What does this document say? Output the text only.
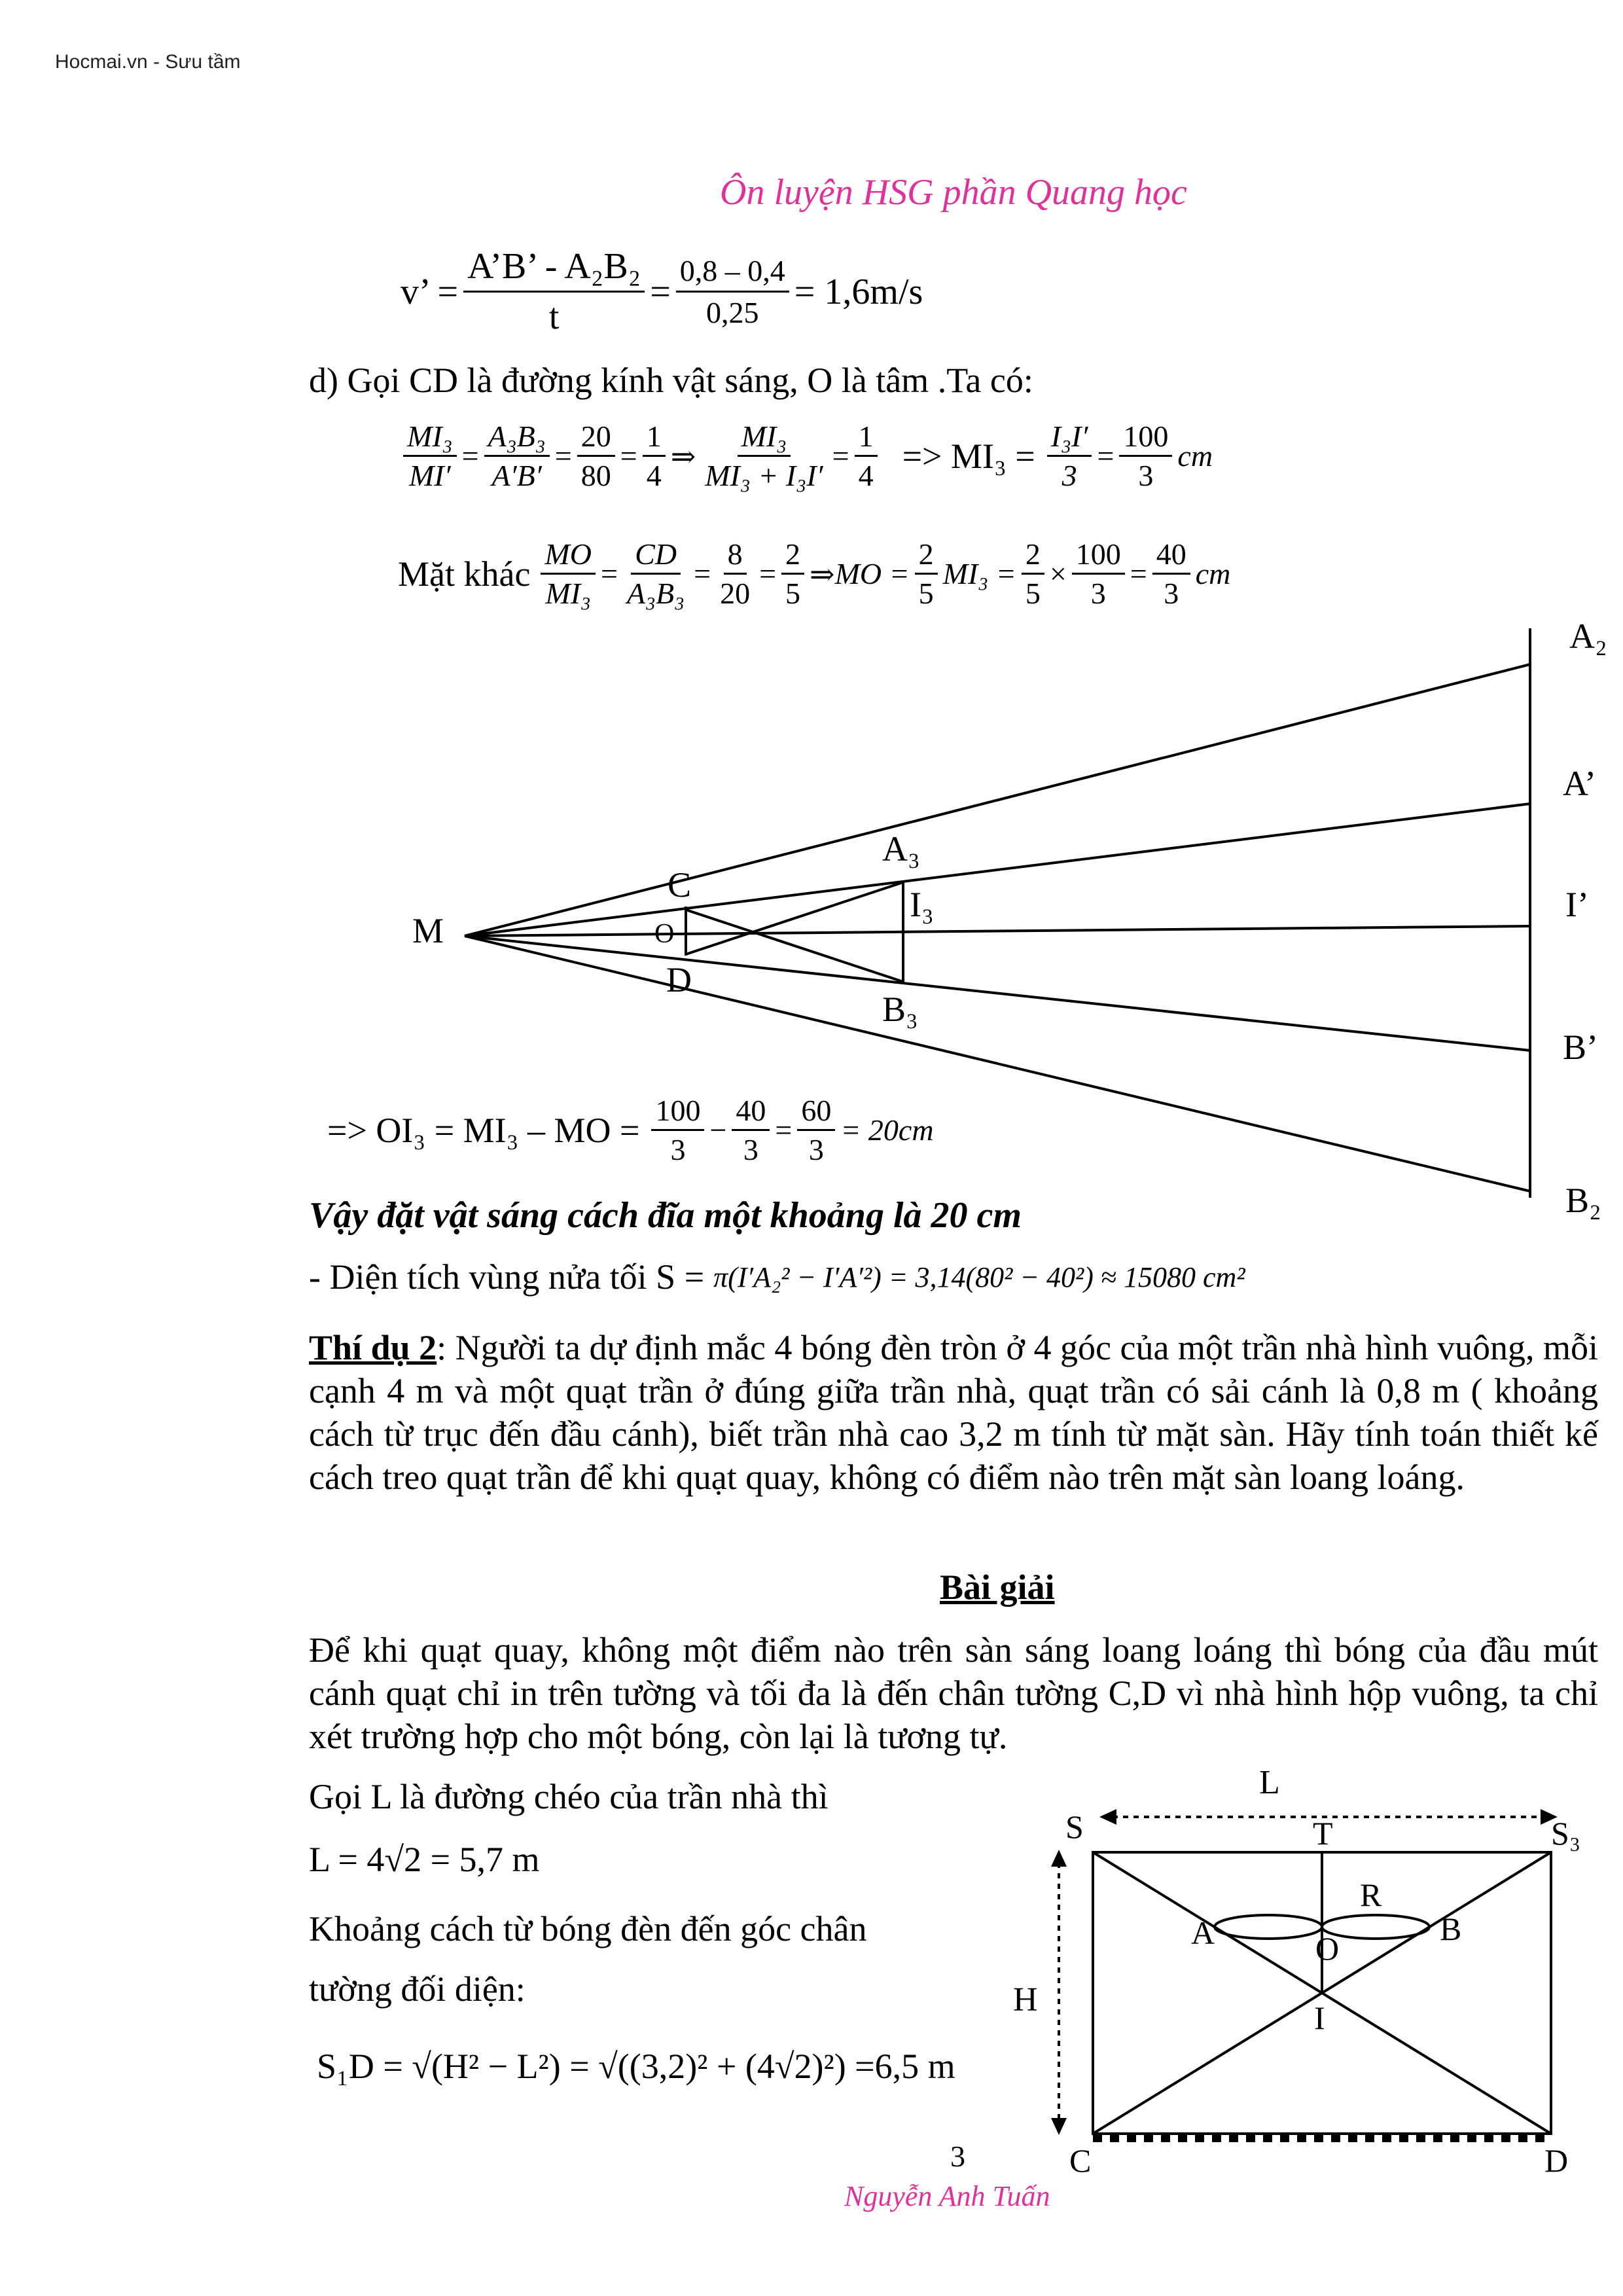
Hocmai.vn - Sưu tầm
Ôn luyện HSG phần Quang học
v’ = $\frac{\text{A’B’ - A₂B₂}}{t} = \frac{0,8 - 0,4}{0,25} = 1,6m/s$
d) Gọi CD là đường kính vật sáng, O là tâm .Ta có:
$\frac{\text{MI₃}}{MI'} = \frac{\text{A₃B₃}}{A'B'} = \frac{20}{80} = \frac{1}{4}$ ⇒ $\frac{\text{MI₃}}{\text{MI₃ + I₃I′}} = \frac{1}{4} => MI_3 = \frac{\text{I₃I′}}{3} = \frac{100}{3}$ cm
Mặt khác $\frac{MO}{\text{MI₃}} = \frac{CD}{\text{A₃B₃}} = \frac{8}{20} = \frac{2}{5}$ ⇒ MO = $\frac{2}{5} MI_3 = \frac{2}{5} \times \frac{100}{3} = \frac{40}{3}$ cm
A₂
A’
I’
B’
B₂
M
C
O
D
A₃
I₃
B₃
=> OI₃ = MI₃ – MO = $\frac{100}{3} - \frac{40}{3} = \frac{60}{3} = 20cm$
Vậy đặt vật sáng cách đĩa một khoảng là 20 cm
- Diện tích vùng nửa tối S = π(I′A₂² − I′A′²) = 3,14(80² − 40²) ≈ 15080 cm²
Thí dụ 2: Người ta dự định mắc 4 bóng đèn tròn ở 4 góc của một trần nhà hình vuông, mỗi cạnh 4 m và một quạt trần ở đúng giữa trần nhà, quạt trần có sải cánh là 0,8 m ( khoảng cách từ trục đến đầu cánh), biết trần nhà cao 3,2 m tính từ mặt sàn. Hãy tính toán thiết kế cách treo quạt trần để khi quạt quay, không có điểm nào trên mặt sàn loang loáng.
Bài giải
Để khi quạt quay, không một điểm nào trên sàn sáng loang loáng thì bóng của đầu mút cánh quạt chỉ in trên tường và tối đa là đến chân tường C,D vì nhà hình hộp vuông, ta chỉ xét trường hợp cho một bóng, còn lại là tương tự.
Gọi L là đường chéo của trần nhà thì
L = 4√2 = 5,7 m
Khoảng cách từ bóng đèn đến góc chân
tường đối diện:
S₁D = √(H² − L²) = √((3,2)² + (4√2)²) =6,5 m
L
S	T	S₃
R
A	O
B
H	I
C	D
3
Nguyễn Anh Tuấn
